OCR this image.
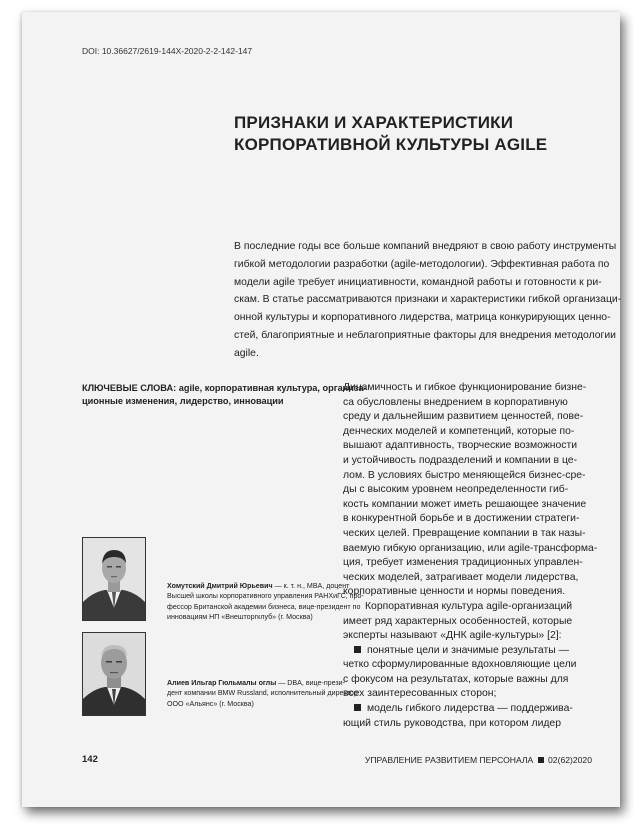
DOI: 10.36627/2619-144X-2020-2-2-142-147
ПРИЗНАКИ И ХАРАКТЕРИСТИКИ
КОРПОРАТИВНОЙ КУЛЬТУРЫ AGILE
В последние годы все больше компаний внедряют в свою работу инструменты
гибкой методологии разработки (agile-методологии). Эффективная работа по
модели agile требует инициативности, командной работы и готовности к ри-
скам. В статье рассматриваются признаки и характеристики гибкой организаци-
онной культуры и корпоративного лидерства, матрица конкурирующих ценно-
стей, благоприятные и неблагоприятные факторы для внедрения методологии
agile.
КЛЮЧЕВЫЕ СЛОВА: agile, корпоративная культура, организа-
ционные изменения, лидерство, инновации
Динамичность и гибкое функционирование бизне-
са обусловлены внедрением в корпоративную
среду и дальнейшим развитием ценностей, пове-
денческих моделей и компетенций, которые по-
вышают адаптивность, творческие возможности
и устойчивость подразделений и компании в це-
лом. В условиях быстро меняющейся бизнес-сре-
ды с высоким уровнем неопределенности гиб-
кость компании может иметь решающее значение
в конкурентной борьбе и в достижении стратеги-
ческих целей. Превращение компании в так назы-
ваемую гибкую организацию, или agile-трансформа-
ция, требует изменения традиционных управлен-
ческих моделей, затрагивает модели лидерства,
корпоративные ценности и нормы поведения.
Корпоративная культура agile-организаций
имеет ряд характерных особенностей, которые
эксперты называют «ДНК agile-культуры» [2]:
понятные цели и значимые результаты —
четко сформулированные вдохновляющие цели
с фокусом на результатах, которые важны для
всех заинтересованных сторон;
модель гибкого лидерства — поддержива-
ющий стиль руководства, при котором лидер
Хомутский Дмитрий Юрьевич — к. т. н., MBA, доцент
Высшей школы корпоративного управления РАНХиГС, про-
фессор Британской академии бизнеса, вице-президент по
инновациям НП «Внешторгклуб» (г. Москва)
Алиев Ильгар Гюльмалы оглы — DBA, вице-прези-
дент компании BMW Russland, исполнительный директор
ООО «Альянс» (г. Москва)
142	УПРАВЛЕНИЕ РАЗВИТИЕМ ПЕРСОНАЛА 02(62)2020
